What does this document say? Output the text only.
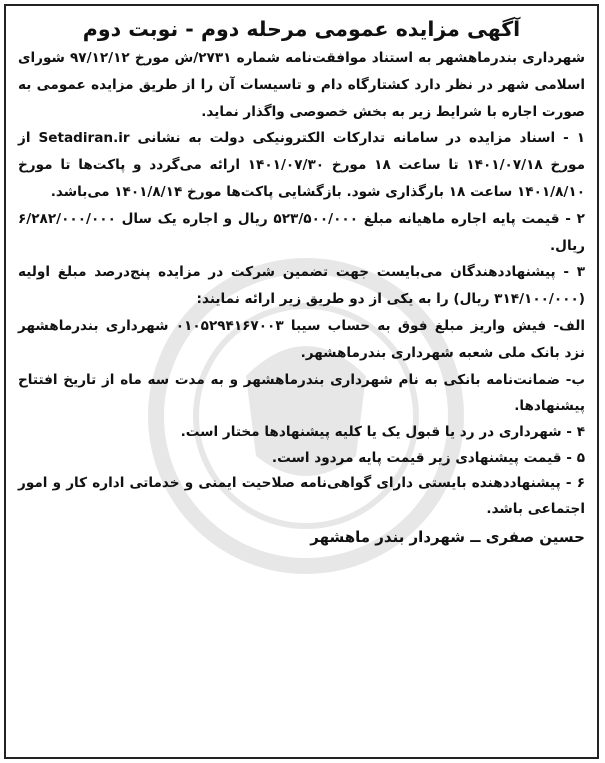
آگهی مزایده عمومی مرحله دوم - نوبت دوم

شهرداری بندرماهشهر به استناد موافقت‌نامه شماره ۲۷۳۱/ش مورخ ۹۷/۱۲/۱۲ شورای اسلامی شهر در نظر دارد کشتارگاه دام و تاسیسات آن را از طریق مزایده عمومی به صورت اجاره با شرایط زیر به بخش خصوصی واگذار نماید.

۱ - اسناد مزایده در سامانه تدارکات الکترونیکی دولت به نشانی Setadiran.ir از مورخ ۱۴۰۱/۰۷/۱۸ تا ساعت ۱۸ مورخ ۱۴۰۱/۰۷/۳۰ ارائه می‌گردد و پاکت‌ها تا مورخ ۱۴۰۱/۸/۱۰ ساعت ۱۸ بارگذاری شود. بازگشایی پاکت‌ها مورخ ۱۴۰۱/۸/۱۴ می‌باشد.

۲ - قیمت پایه اجاره ماهیانه مبلغ ۵۲۳/۵۰۰/۰۰۰ ریال و اجاره یک سال ۶/۲۸۲/۰۰۰/۰۰۰ ریال.

۳ - پیشنهاددهندگان می‌بایست جهت تضمین شرکت در مزایده پنج‌درصد مبلغ اولیه (۳۱۴/۱۰۰/۰۰۰ ریال) را به یکی از دو طریق زیر ارائه نمایند:

الف- فیش واریز مبلغ فوق به حساب سیبا ۰۱۰۵۲۹۴۱۶۷۰۰۳ شهرداری بندرماهشهر نزد بانک ملی شعبه شهرداری بندرماهشهر.

ب- ضمانت‌نامه بانکی به نام شهرداری بندرماهشهر و به مدت سه ماه از تاریخ افتتاح پیشنهادها.

۴ - شهرداری در رد یا قبول یک یا کلیه پیشنهادها مختار است.

۵ - قیمت پیشنهادی زیر قیمت پایه مردود است.

۶ - پیشنهاددهنده بایستی دارای گواهی‌نامه صلاحیت ایمنی و خدماتی اداره کار و امور اجتماعی باشد.

حسین صفری ــ شهردار بندر ماهشهر
